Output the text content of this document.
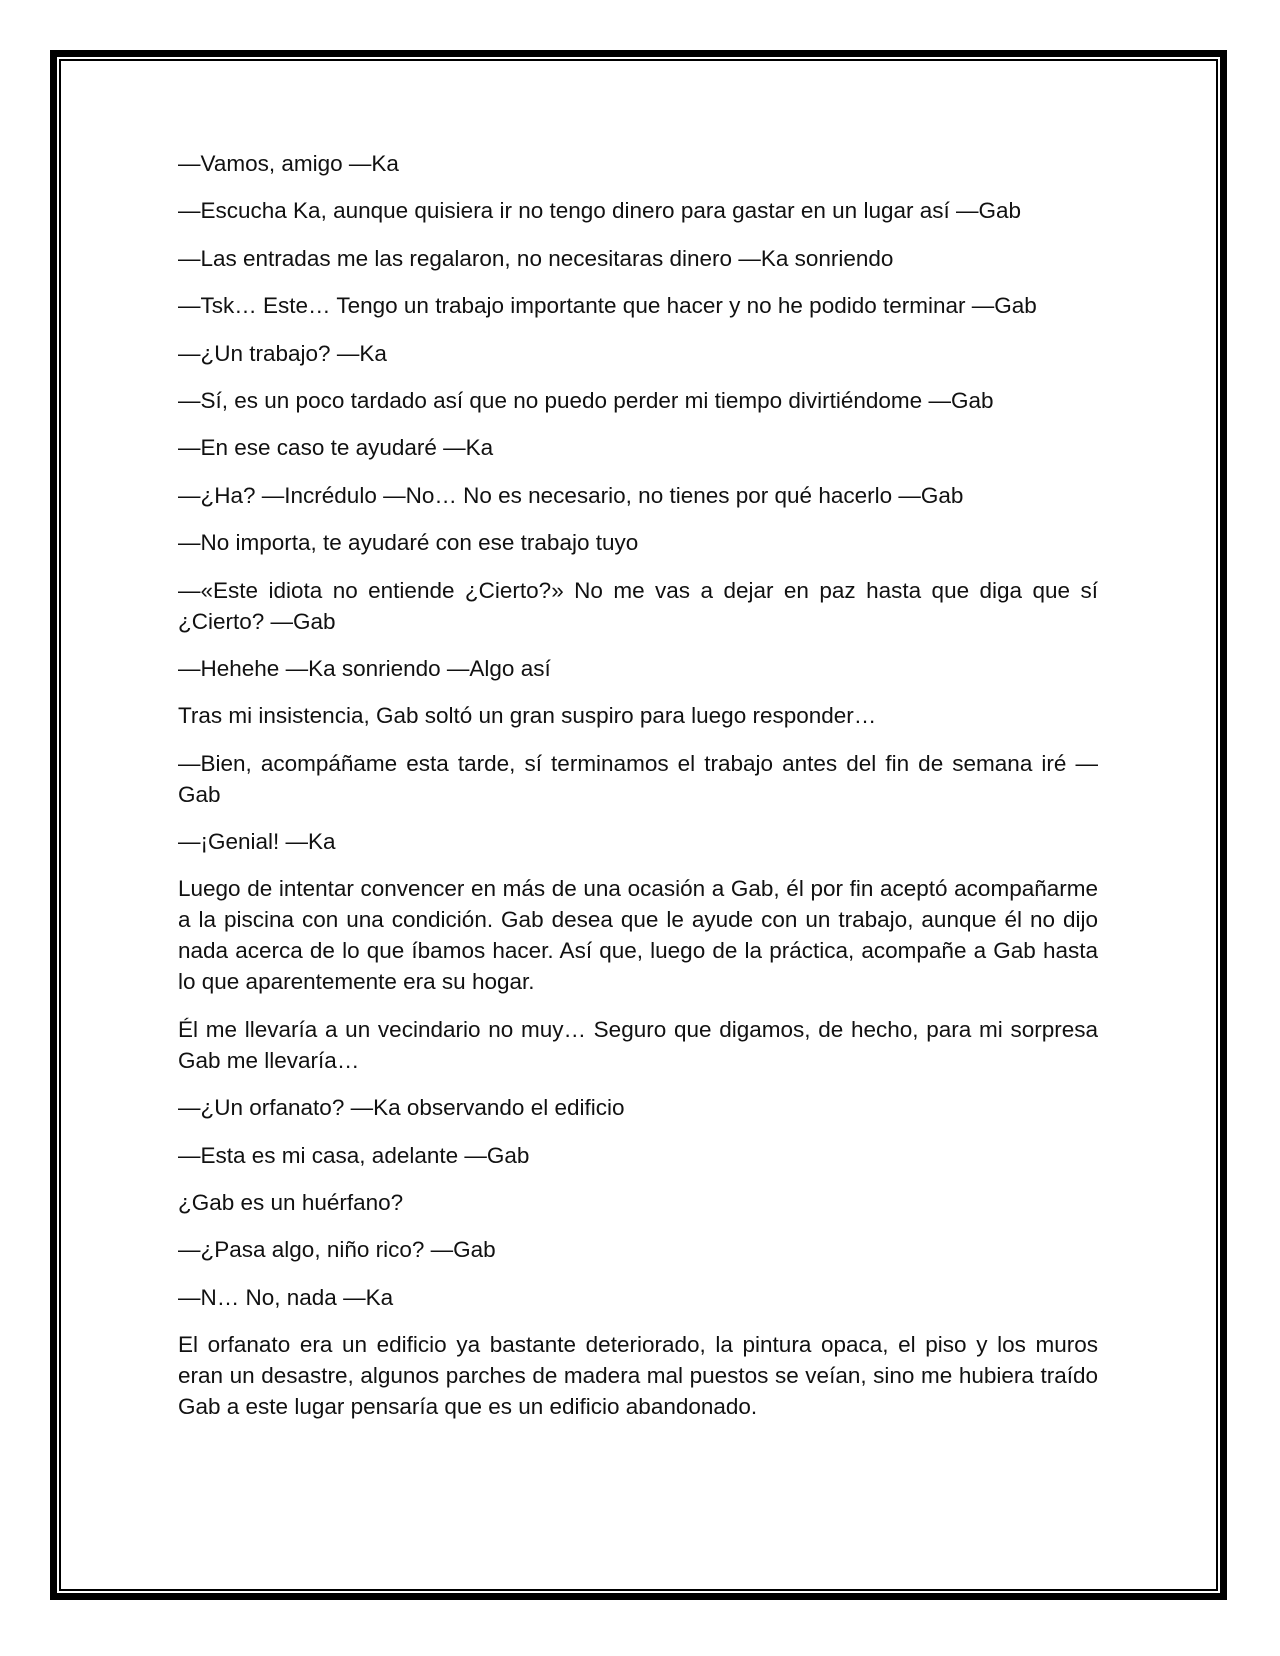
—Vamos, amigo —Ka

—Escucha Ka, aunque quisiera ir no tengo dinero para gastar en un lugar así —Gab

—Las entradas me las regalaron, no necesitaras dinero —Ka sonriendo

—Tsk… Este… Tengo un trabajo importante que hacer y no he podido terminar —Gab

—¿Un trabajo? —Ka

—Sí, es un poco tardado así que no puedo perder mi tiempo divirtiéndome —Gab

—En ese caso te ayudaré —Ka

—¿Ha? —Incrédulo —No… No es necesario, no tienes por qué hacerlo —Gab

—No importa, te ayudaré con ese trabajo tuyo

—«Este idiota no entiende ¿Cierto?» No me vas a dejar en paz hasta que diga que sí ¿Cierto? —Gab

—Hehehe —Ka sonriendo —Algo así

Tras mi insistencia, Gab soltó un gran suspiro para luego responder…

—Bien, acompáñame esta tarde, sí terminamos el trabajo antes del fin de semana iré —Gab

—¡Genial! —Ka

Luego de intentar convencer en más de una ocasión a Gab, él por fin aceptó acompañarme a la piscina con una condición. Gab desea que le ayude con un trabajo, aunque él no dijo nada acerca de lo que íbamos hacer. Así que, luego de la práctica, acompañe a Gab hasta lo que aparentemente era su hogar.

Él me llevaría a un vecindario no muy… Seguro que digamos, de hecho, para mi sorpresa Gab me llevaría…

—¿Un orfanato? —Ka observando el edificio

—Esta es mi casa, adelante —Gab

¿Gab es un huérfano?

—¿Pasa algo, niño rico? —Gab

—N… No, nada —Ka

El orfanato era un edificio ya bastante deteriorado, la pintura opaca, el piso y los muros eran un desastre, algunos parches de madera mal puestos se veían, sino me hubiera traído Gab a este lugar pensaría que es un edificio abandonado.
